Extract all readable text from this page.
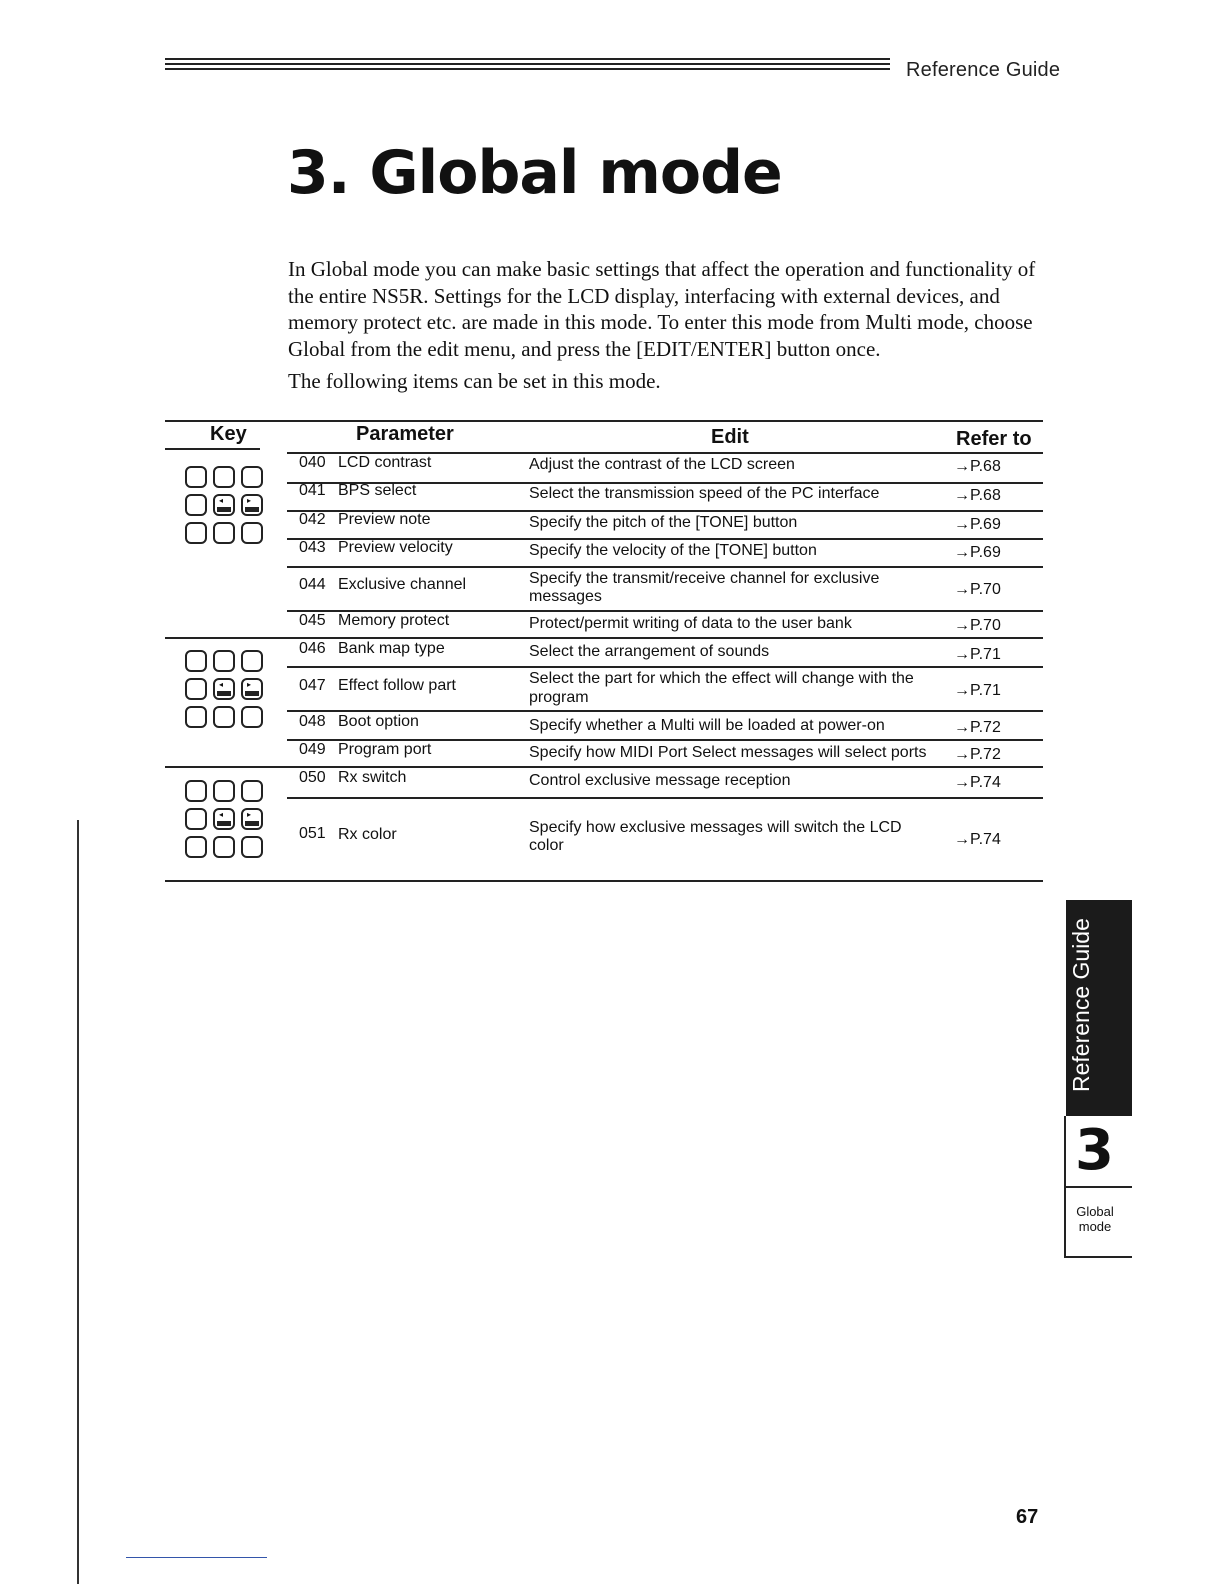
Reference Guide
3. Global mode

In Global mode you can make basic settings that affect the operation and functionality of the entire NS5R. Settings for the LCD display, interfacing with external devices, and memory protect etc. are made in this mode. To enter this mode from Multi mode, choose Global from the edit menu, and press the [EDIT/ENTER] button once.

The following items can be set in this mode.

Key	Parameter	Edit	Refer to
040 LCD contrast	Adjust the contrast of the LCD screen	→P.68
041 BPS select	Select the transmission speed of the PC interface	→P.68
042 Preview note	Specify the pitch of the [TONE] button	→P.69
043 Preview velocity	Specify the velocity of the [TONE] button	→P.69
044 Exclusive channel	Specify the transmit/receive channel for exclusive
messages	→P.70
045 Memory protect	Protect/permit writing of data to the user bank	→P.70
046 Bank map type	Select the arrangement of sounds	→P.71
047 Effect follow part	Select the part for which the effect will change with the
program	→P.71
048 Boot option	Specify whether a Multi will be loaded at power-on	→P.72
049 Program port	Specify how MIDI Port Select messages will select ports →P.72
050 Rx switch	Control exclusive message reception	→P.74
051 Rx color	Specify how exclusive messages will switch the LCD
color	→P.74
◂	▸
◂	▸
◂	▸
Reference Guide
3
Global
mode
67
